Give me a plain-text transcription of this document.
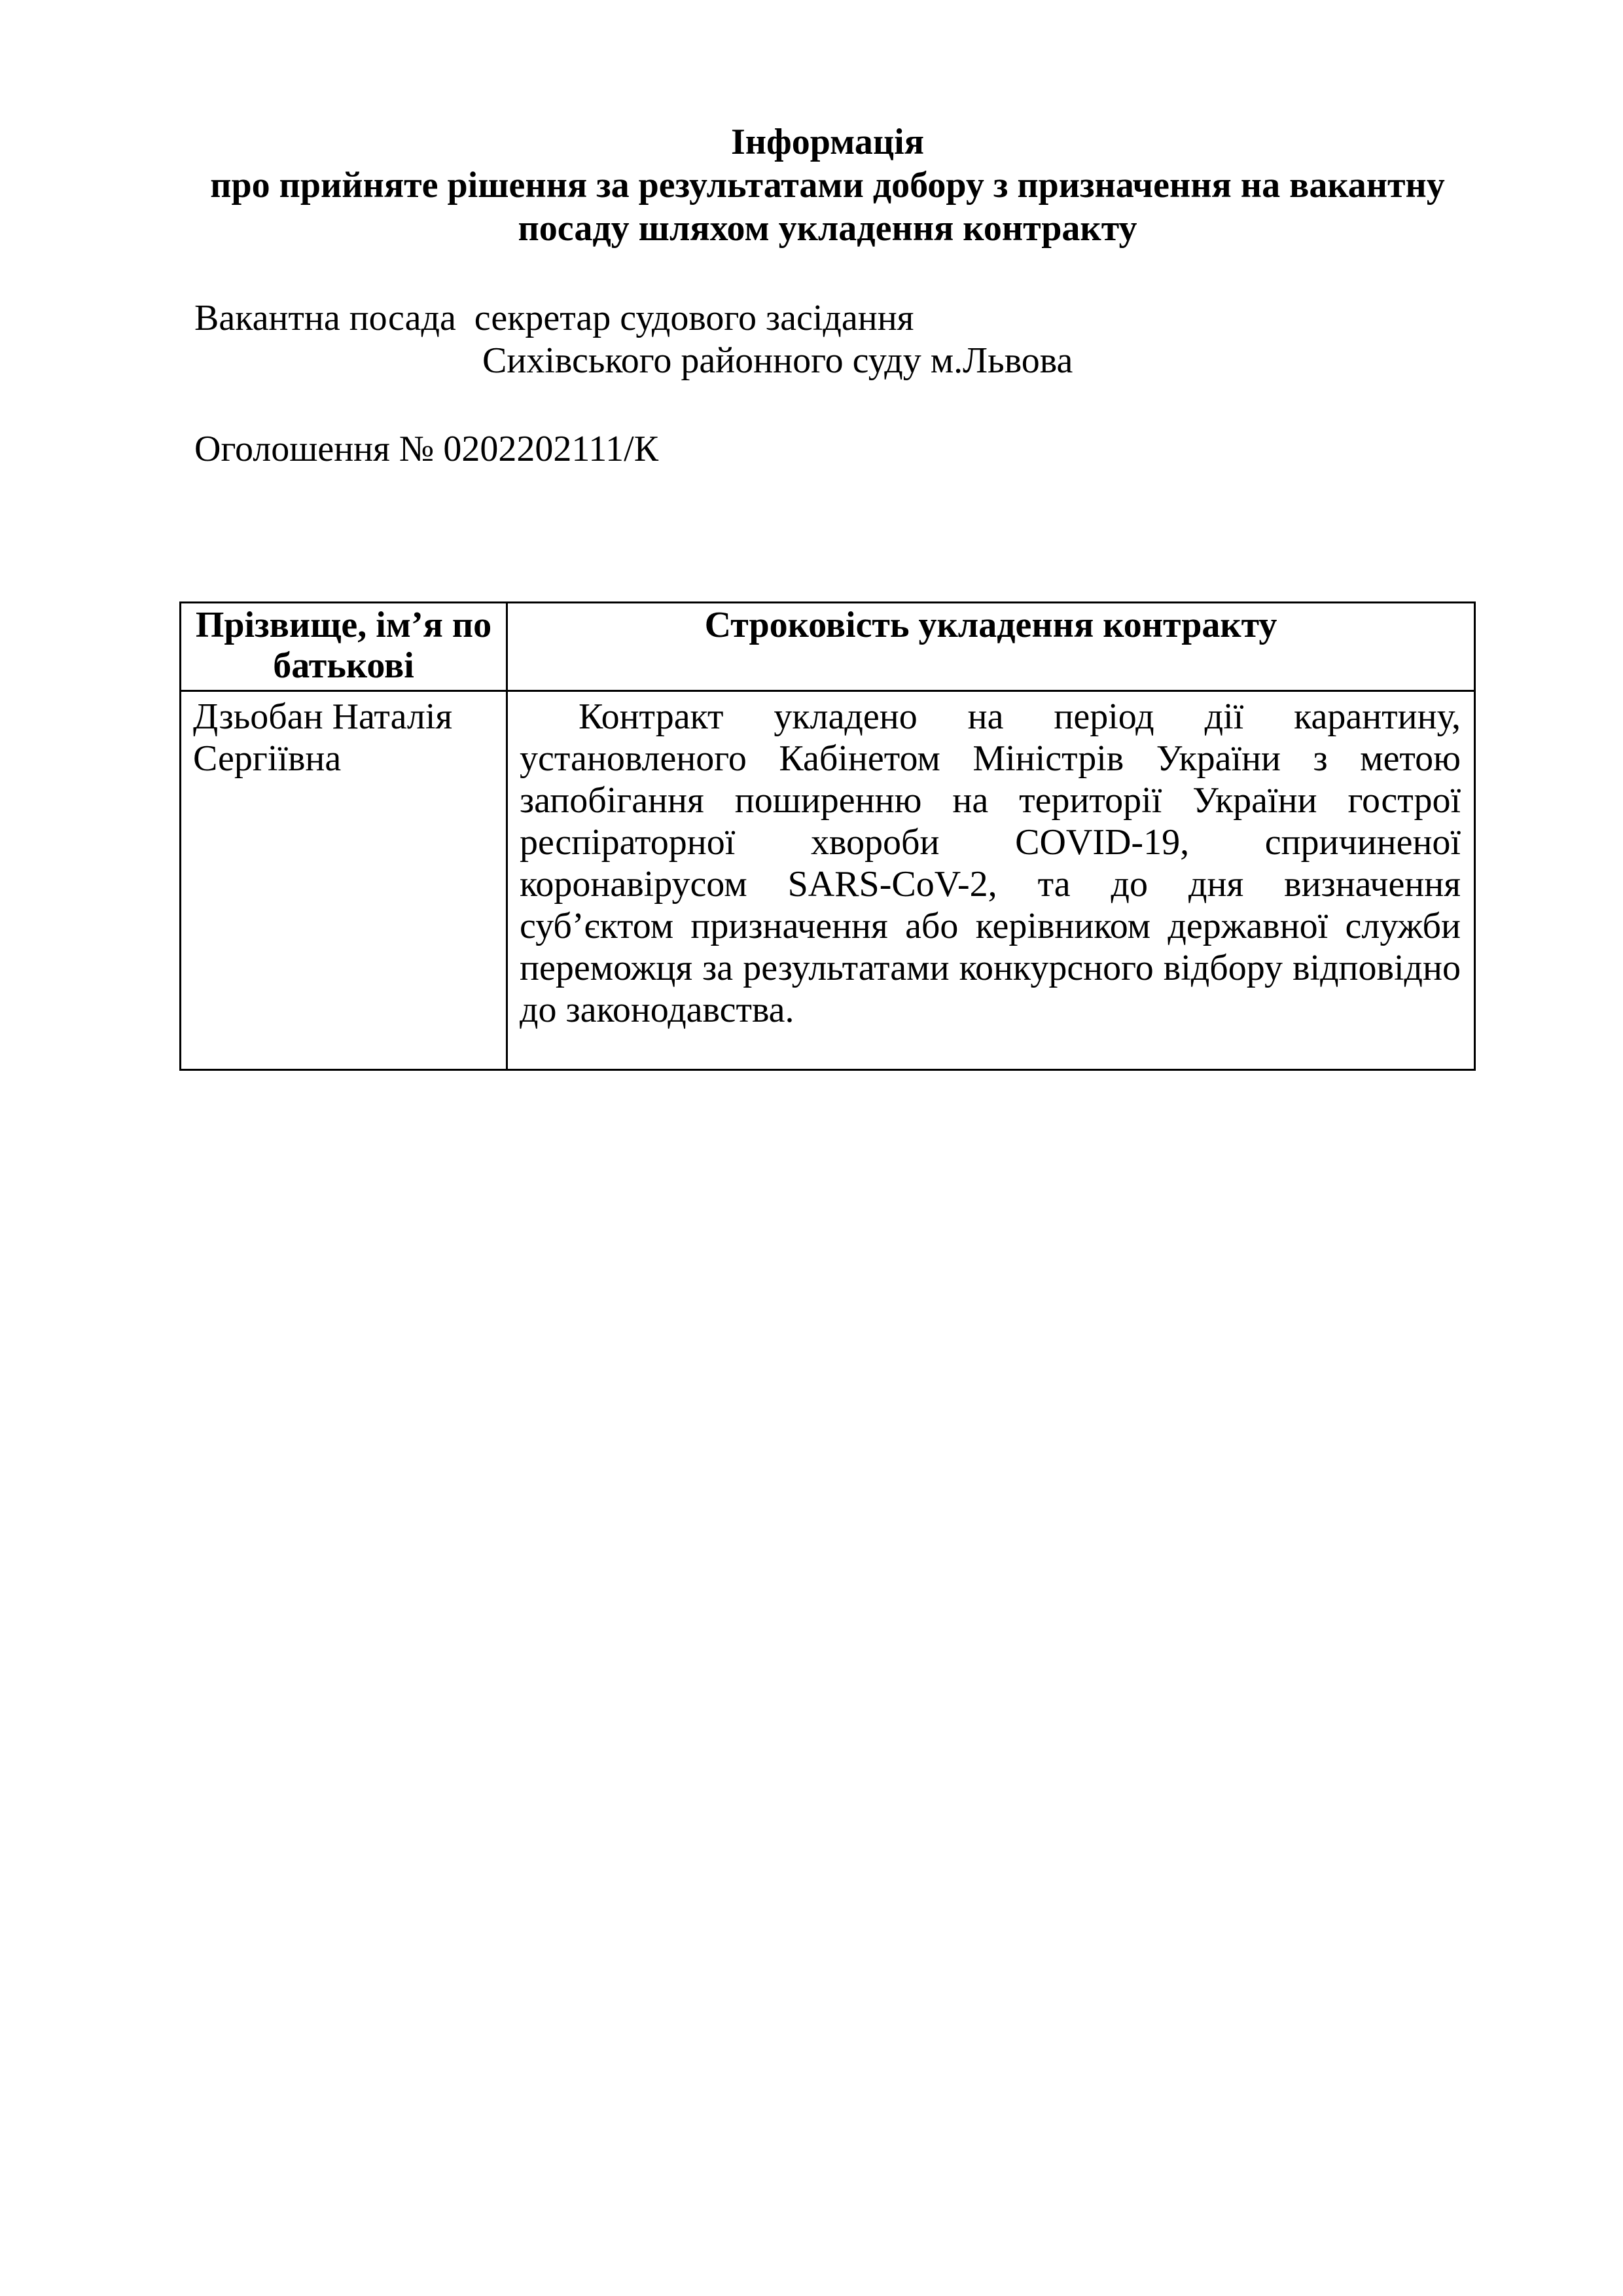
Інформація
про прийняте рішення за результатами добору з призначення на вакантну
посаду шляхом укладення контракту
Вакантна посада секретар судового засідання
Сихівського районного суду м.Львова
Оголошення № 0202202111/К
Прізвище, ім’я по батькові	Строковість укладення контракту
Дзьобан Наталія Сергіївна	Контракт укладено на період дії карантину, установленого Кабінетом Міністрів України з метою запобігання поширенню на території України гострої респіраторної хвороби COVID-19, спричиненої коронавірусом SARS-CoV-2, та до дня визначення суб’єктом призначення або керівником державної служби переможця за результатами конкурсного відбору відповідно до законодавства.
